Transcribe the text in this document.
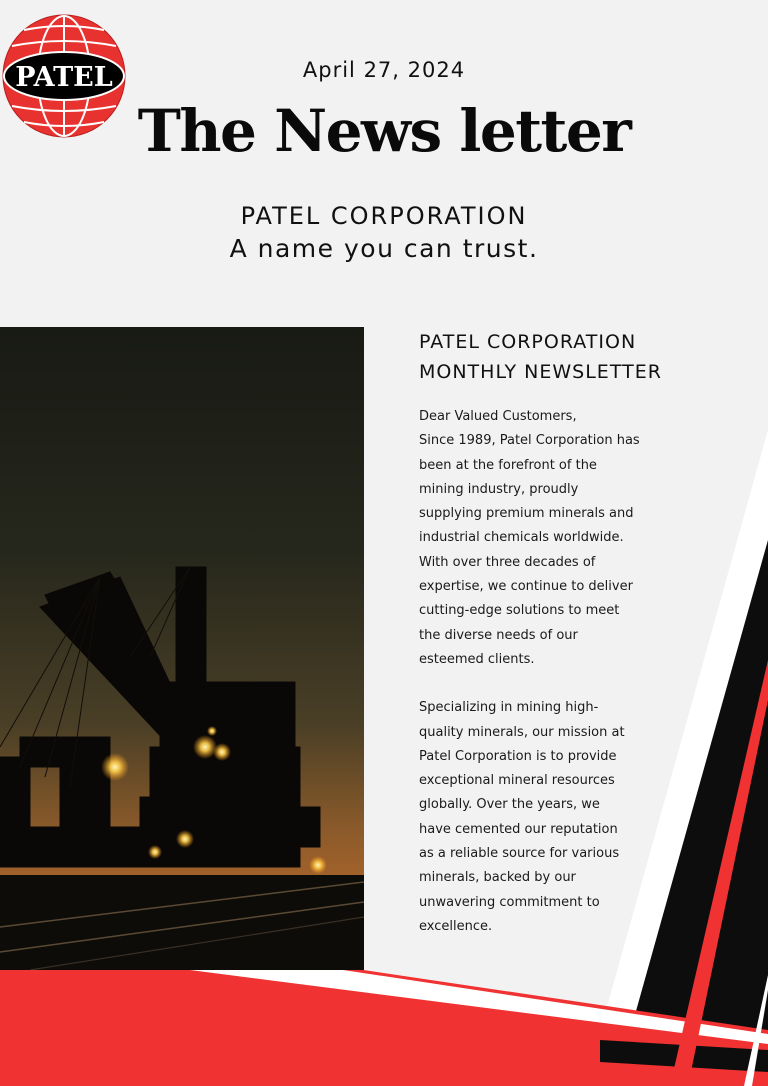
PATEL	April 27, 2024
The News letter
PATEL CORPORATION
A name you can trust.
PATEL CORPORATION
MONTHLY NEWSLETTER
Dear Valued Customers,
Since 1989, Patel Corporation has
been at the forefront of the
mining industry, proudly
supplying premium minerals and
industrial chemicals worldwide.
With over three decades of
expertise, we continue to deliver
cutting-edge solutions to meet
the diverse needs of our
esteemed clients.
Specializing in mining high-
quality minerals, our mission at
Patel Corporation is to provide
exceptional mineral resources
globally. Over the years, we
have cemented our reputation
as a reliable source for various
minerals, backed by our
unwavering commitment to
excellence.
